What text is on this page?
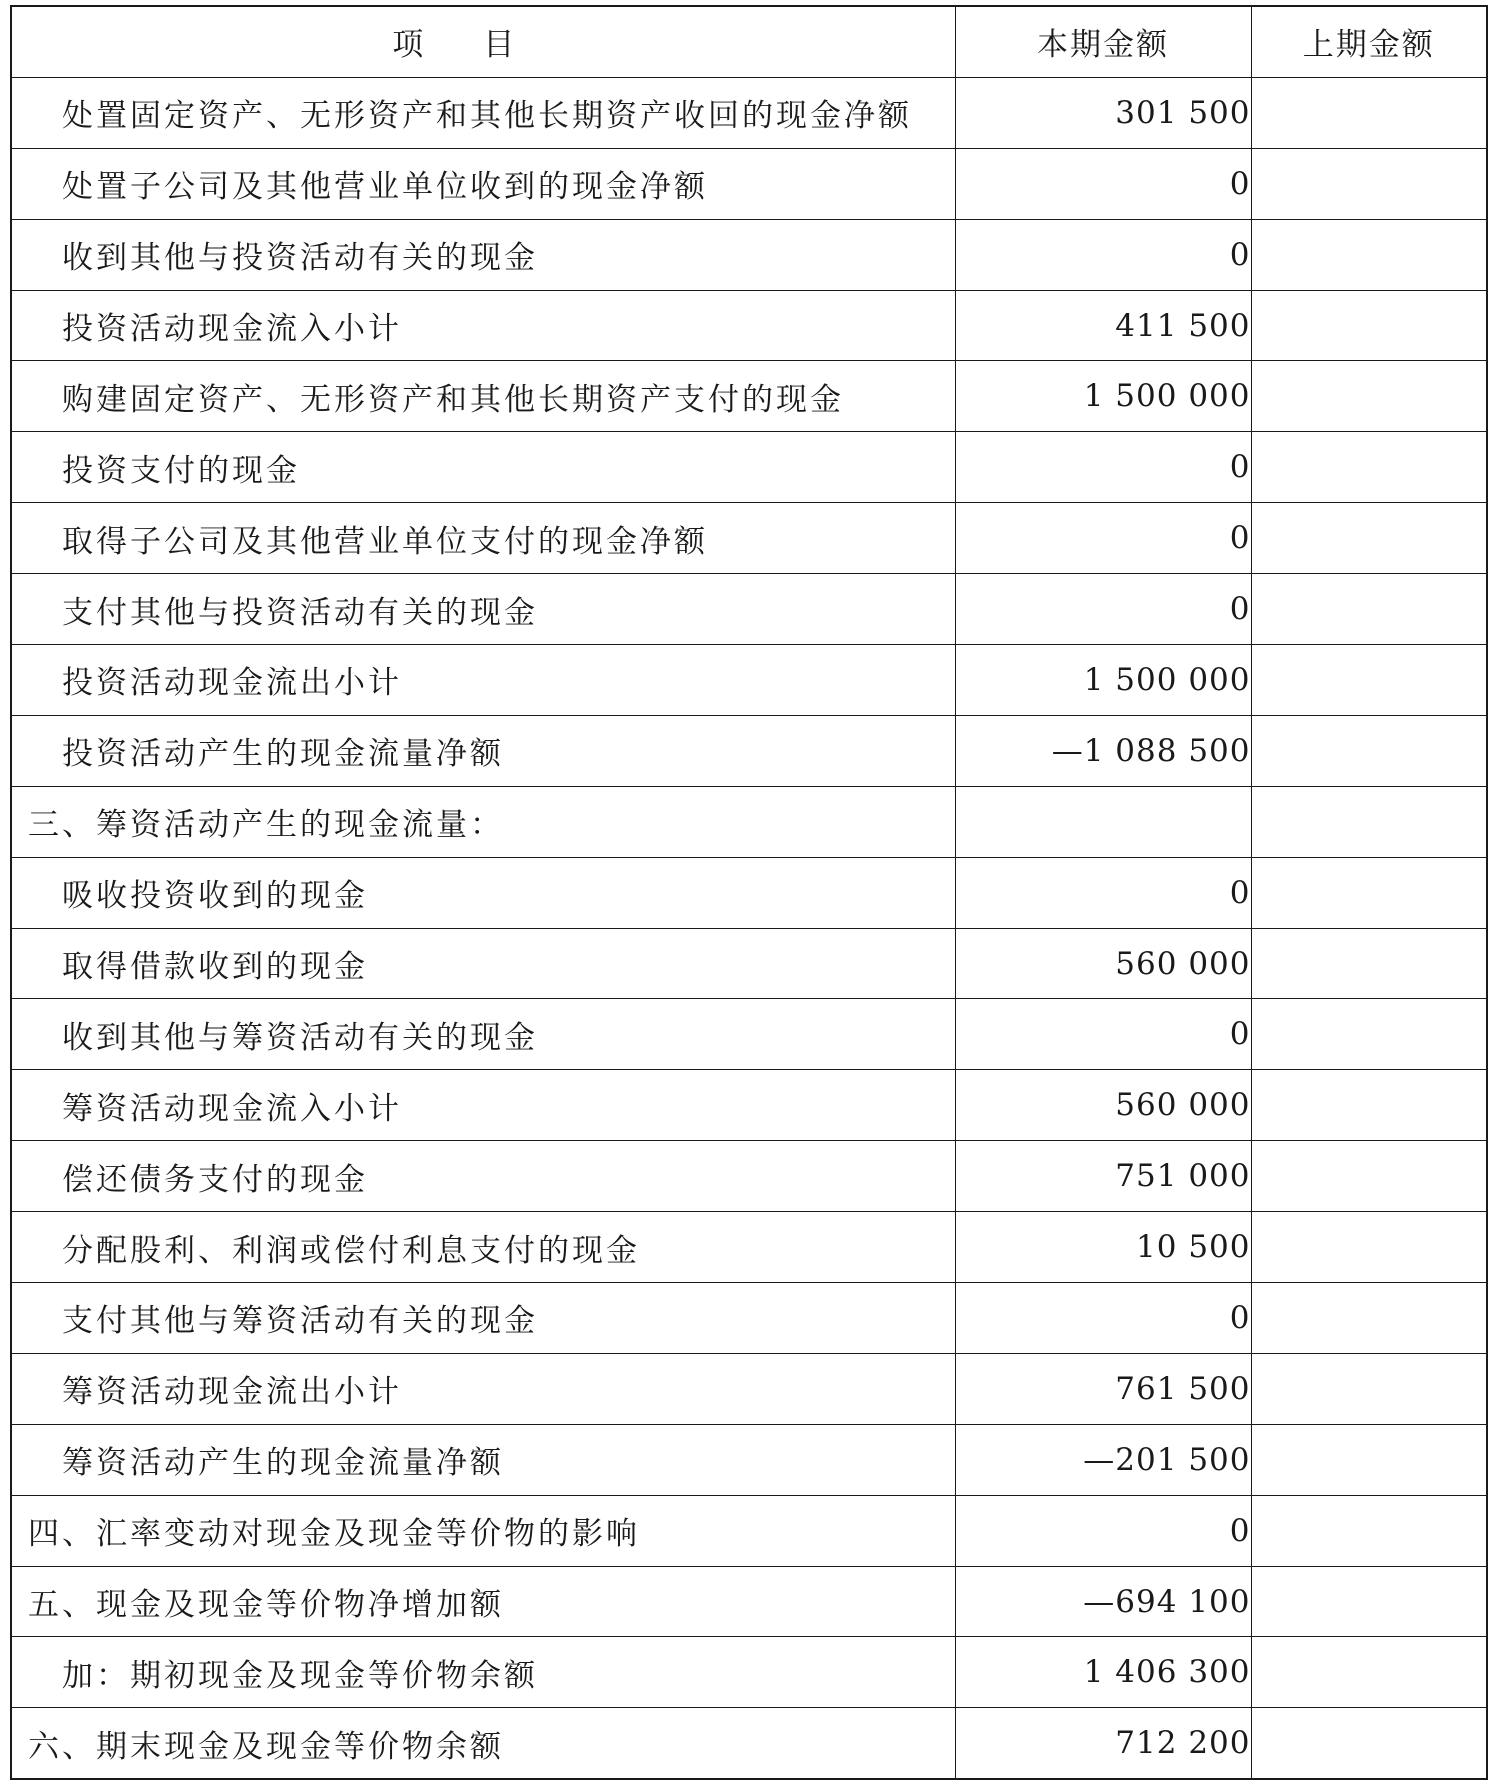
项目	本期金额	上期金额
处置固定资产、无形资产和其他长期资产收回的现金净额	301 500	
处置子公司及其他营业单位收到的现金净额	0	
收到其他与投资活动有关的现金	0	
投资活动现金流入小计	411 500	
购建固定资产、无形资产和其他长期资产支付的现金	1 500 000	
投资支付的现金	0	
取得子公司及其他营业单位支付的现金净额	0	
支付其他与投资活动有关的现金	0	
投资活动现金流出小计	1 500 000	
投资活动产生的现金流量净额	—1 088 500	
三、筹资活动产生的现金流量：		
吸收投资收到的现金	0	
取得借款收到的现金	560 000	
收到其他与筹资活动有关的现金	0	
筹资活动现金流入小计	560 000	
偿还债务支付的现金	751 000	
分配股利、利润或偿付利息支付的现金	10 500	
支付其他与筹资活动有关的现金	0	
筹资活动现金流出小计	761 500	
筹资活动产生的现金流量净额	—201 500	
四、汇率变动对现金及现金等价物的影响	0	
五、现金及现金等价物净增加额	—694 100	
加：期初现金及现金等价物余额	1 406 300	
六、期末现金及现金等价物余额	712 200	
